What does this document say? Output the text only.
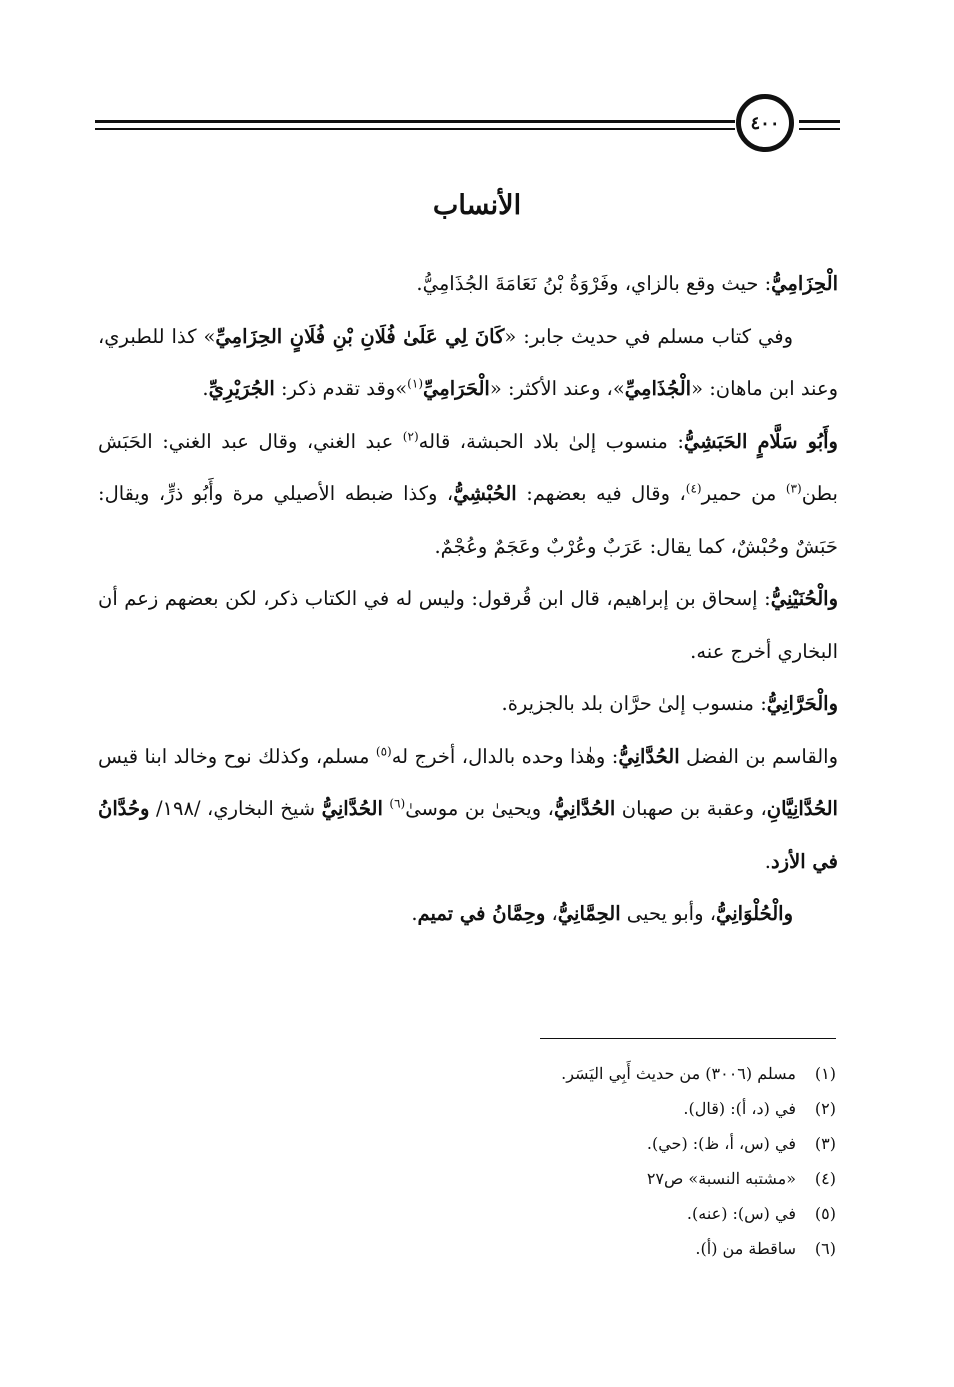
٤٠٠
الأنساب

الْحِزَامِيُّ: حيث وقع بالزاي، وفَرْوَةُ بْنُ نَعَامَةَ الجُذَامِيُّ.

وفي كتاب مسلم في حديث جابر: «كَانَ لِي عَلَىٰ فُلَانِ بْنِ فُلَانٍ الحِزَامِيِّ» كذا للطبري، وعند ابن ماهان: «الْجُذَامِيِّ»، وعند الأكثر: «الْحَرَامِيِّ$^{(١)}$»وقد تقدم ذكر: الجُرَيْرِيِّ.

وأَبُو سَلَّامٍ الحَبَشِيُّ: منسوب إلىٰ بلاد الحبشة، قاله$^{(٢)}$ عبد الغني، وقال عبد الغني: الحَبَش بطن$^{(٣)}$ من حمير$^{(٤)}$، وقال فيه بعضهم: الحُبْشِيُّ، وكذا ضبطه الأصيلي مرة وأَبُو ذرٍّ، ويقال: حَبَشٌ وحُبْشٌ، كما يقال: عَرَبٌ وعُرْبٌ وعَجَمٌ وعُجْمٌ.

والْحُنَيْنِيُّ: إسحاق بن إبراهيم، قال ابن قُرقول: وليس له في الكتاب ذكر، لكن بعضهم زعم أن البخاري أخرج عنه.

والْحَرَّانِيُّ: منسوب إلىٰ حرَّان بلد بالجزيرة.

والقاسم بن الفضل الحُدَّانِيُّ: وهٰذا وحده بالدال، أخرج له$^{(٥)}$ مسلم، وكذلك نوح وخالد ابنا قيس الحُدَّانِيَّانِ، وعقبة بن صهبان الحُدَّانِيُّ، ويحيىٰ بن موسىٰ$^{(٦)}$ الحُدَّانِيُّ شيخ البخاري، /١٩٨/ وحُدَّانُ في الأزد.

والْحُلْوَانِيُّ، وأبو يحيى الحِمَّانِيُّ، وحِمَّانُ في تميم.

(١)مسلم (٣٠٠٦) من حديث أَبِي اليَسَر.
(٢)في (د، أ): (قال).
(٣)في (س، أ، ظ): (حي).
(٤)«مشتبه النسبة» ص٢٧
(٥)في (س): (عنه).
(٦)ساقطة من (أ).
